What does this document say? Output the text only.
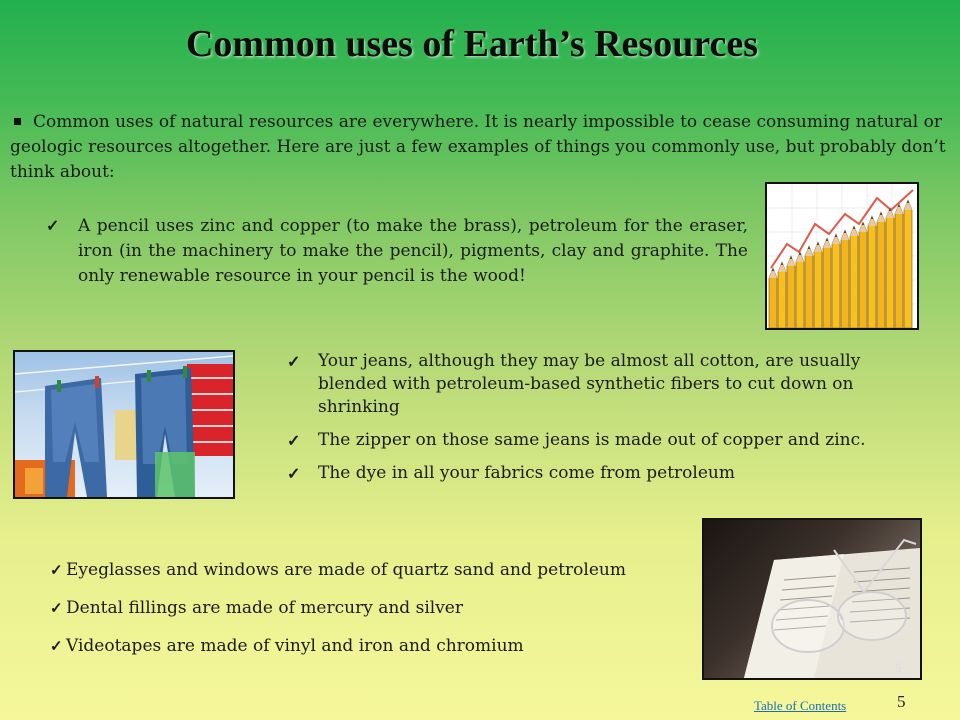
Common uses of Earth’s Resources

Common uses of natural resources are everywhere. It is nearly impossible to cease consuming natural or geologic resources altogether. Here are just a few examples of things you commonly use, but probably don’t think about:

✓ A pencil uses zinc and copper (to make the brass), petroleum for the eraser, iron (in the machinery to make the pencil), pigments, clay and graphite. The only renewable resource in your pencil is the wood!

✓ Your jeans, although they may be almost all cotton, are usually blended with petroleum-based synthetic fibers to cut down on shrinking
✓ The zipper on those same jeans is made out of copper and zinc.
✓ The dye in all your fabrics come from petroleum
5
✓ Eyeglasses and windows are made of quartz sand and petroleum
✓ Dental fillings are made of mercury and silver
✓ Videotapes are made of vinyl and iron and chromium
Table of Contents	5
